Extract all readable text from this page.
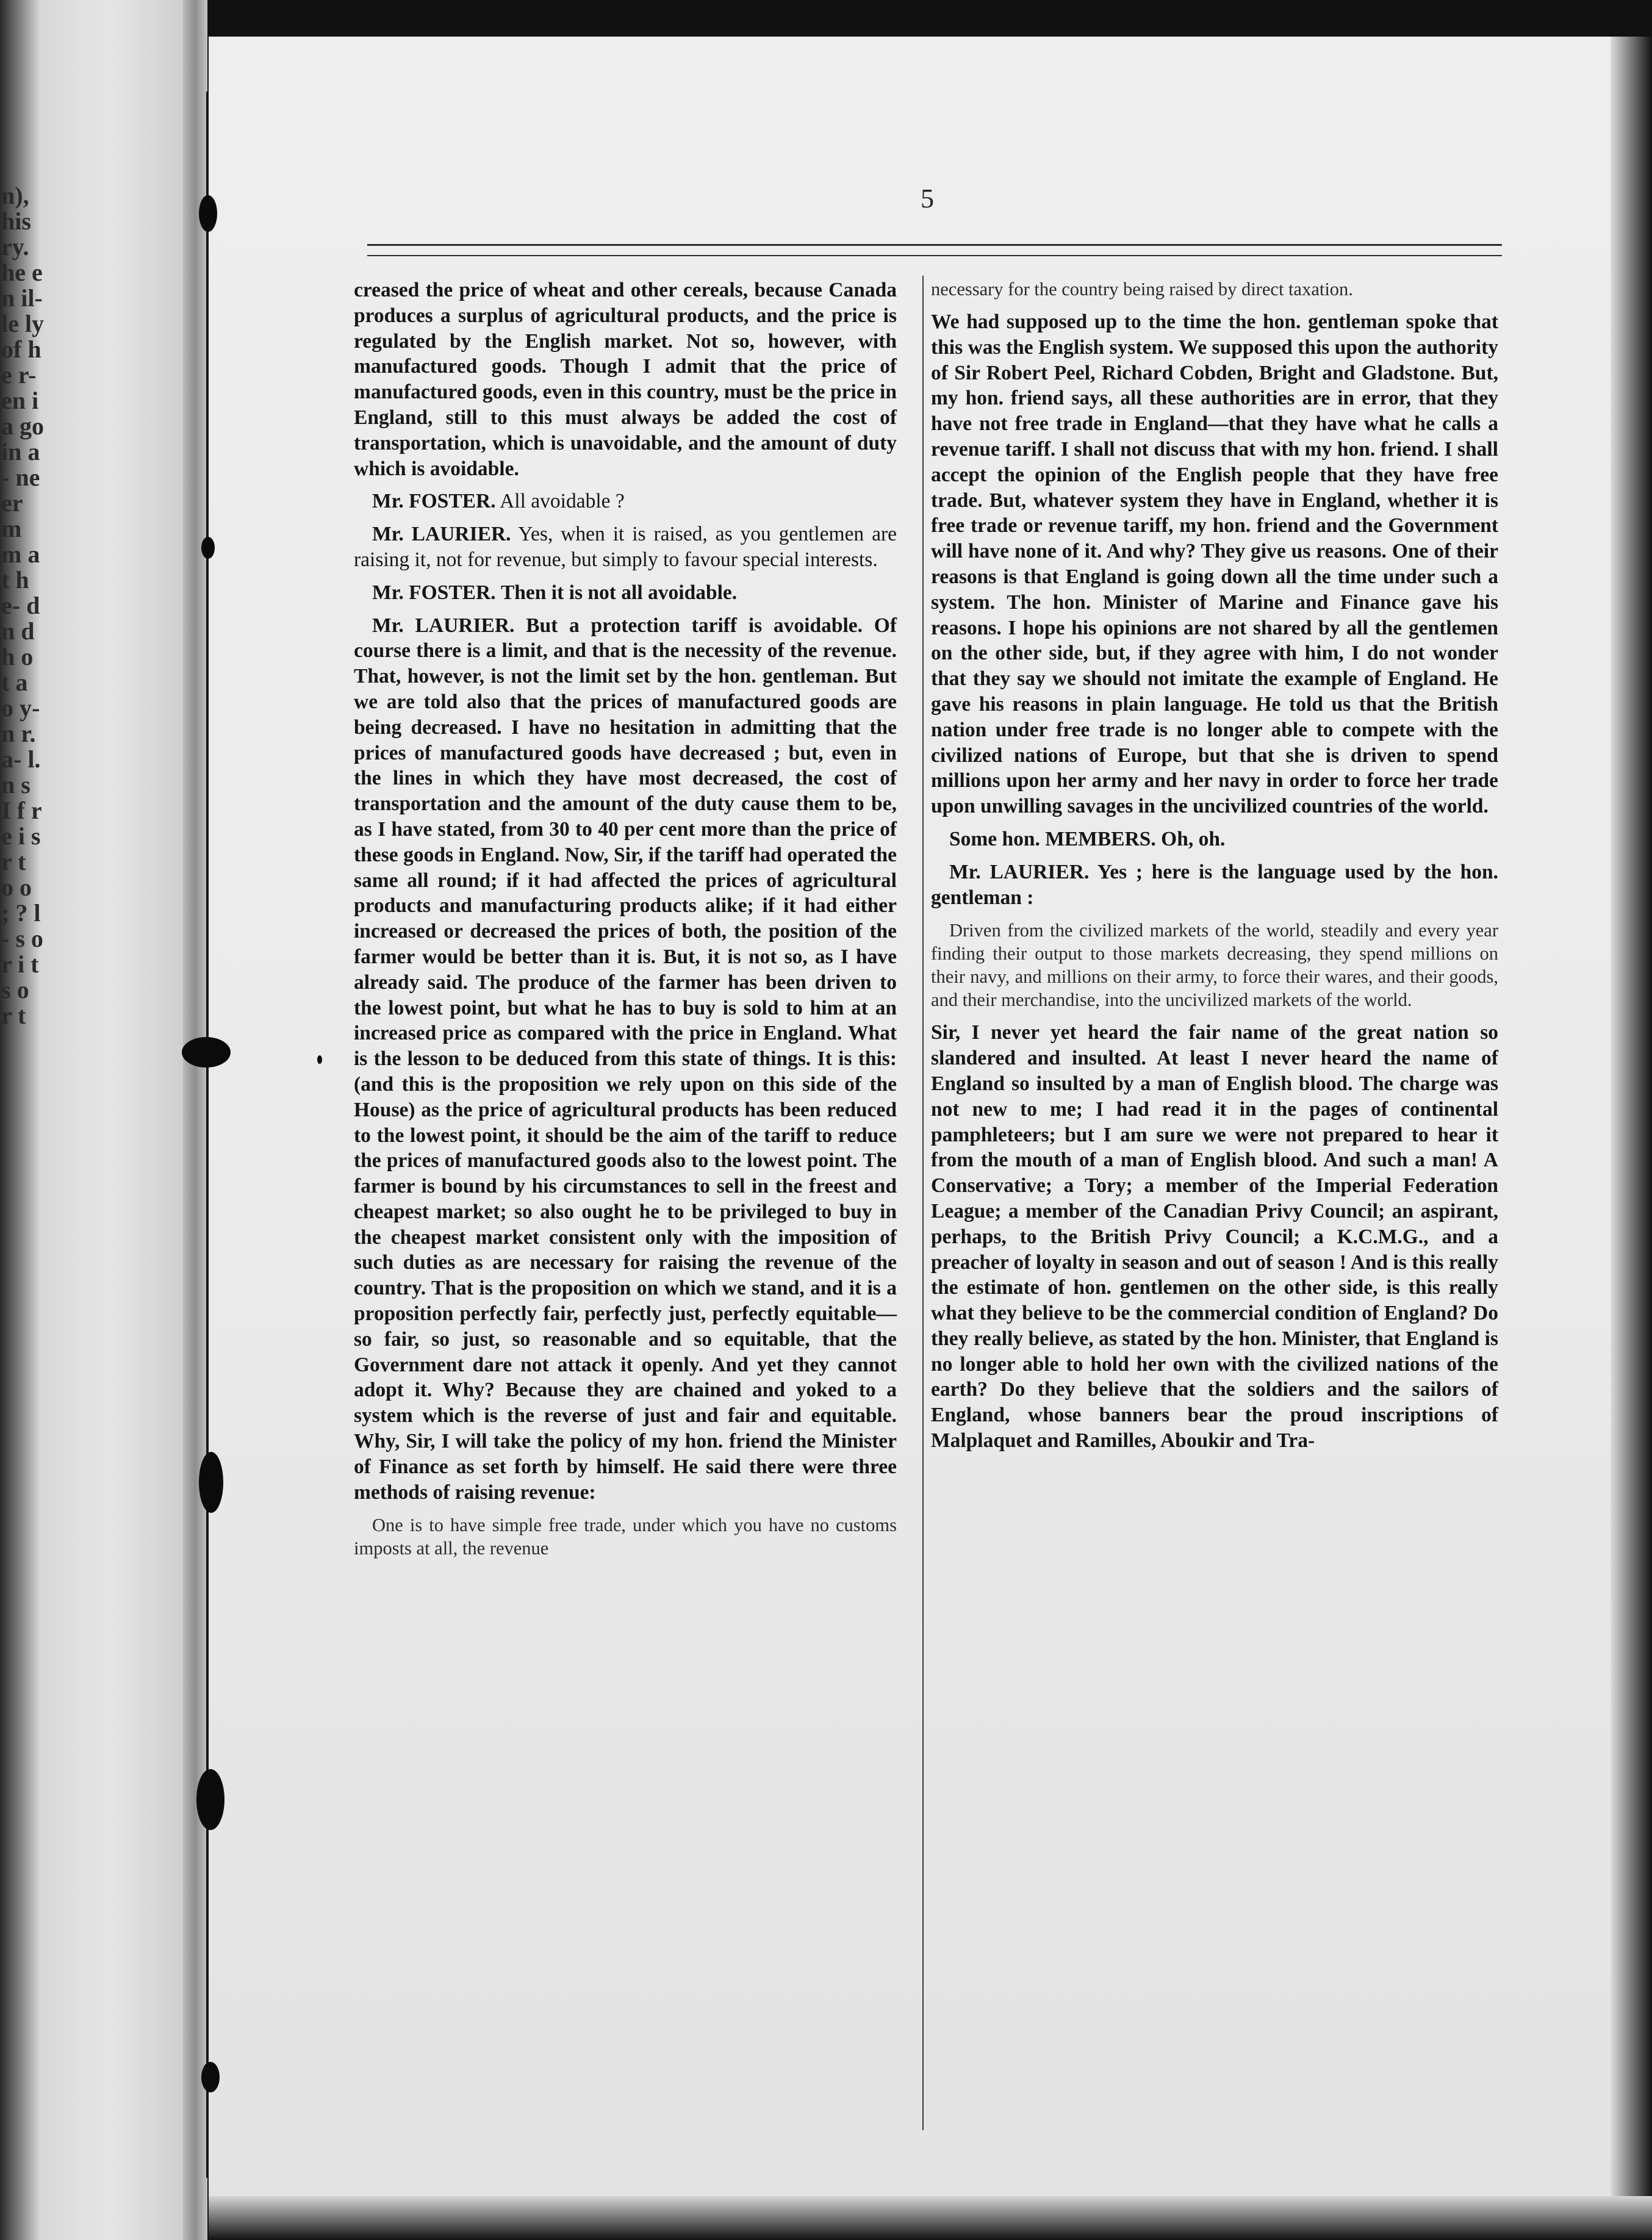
n), his ry. he en il- le ly of he r- en ia go in a- ne er m m at h e- d n d h o t a o y- n r. a- l. n s I f r e i s r t o o ; ? l - s o r i t s o r t
5

creased the price of wheat and other cereals, because Canada produces a surplus of agricultural products, and the price is regulated by the English market. Not so, however, with manufactured goods. Though I admit that the price of manufactured goods, even in this country, must be the price in England, still to this must always be added the cost of transportation, which is unavoidable, and the amount of duty which is avoidable.

Mr. FOSTER. All avoidable ?

Mr. LAURIER. Yes, when it is raised, as you gentlemen are raising it, not for revenue, but simply to favour special interests.

Mr. FOSTER. Then it is not all avoidable.

Mr. LAURIER. But a protection tariff is avoidable. Of course there is a limit, and that is the necessity of the revenue. That, however, is not the limit set by the hon. gentleman. But we are told also that the prices of manufactured goods are being decreased. I have no hesitation in admitting that the prices of manufactured goods have decreased ; but, even in the lines in which they have most decreased, the cost of transportation and the amount of the duty cause them to be, as I have stated, from 30 to 40 per cent more than the price of these goods in England. Now, Sir, if the tariff had operated the same all round; if it had affected the prices of agricultural products and manufacturing products alike; if it had either increased or decreased the prices of both, the position of the farmer would be better than it is. But, it is not so, as I have already said. The produce of the farmer has been driven to the lowest point, but what he has to buy is sold to him at an increased price as compared with the price in England. What is the lesson to be deduced from this state of things. It is this: (and this is the proposition we rely upon on this side of the House) as the price of agricultural products has been reduced to the lowest point, it should be the aim of the tariff to reduce the prices of manufactured goods also to the lowest point. The farmer is bound by his circumstances to sell in the freest and cheapest market; so also ought he to be privileged to buy in the cheapest market consistent only with the imposition of such duties as are necessary for raising the revenue of the country. That is the proposition on which we stand, and it is a proposition perfectly fair, perfectly just, perfectly equitable—so fair, so just, so reasonable and so equitable, that the Government dare not attack it openly. And yet they cannot adopt it. Why? Because they are chained and yoked to a system which is the reverse of just and fair and equitable. Why, Sir, I will take the policy of my hon. friend the Minister of Finance as set forth by himself. He said there were three methods of raising revenue:

One is to have simple free trade, under which you have no customs imposts at all, the revenue
necessary for the country being raised by direct taxation.

We had supposed up to the time the hon. gentleman spoke that this was the English system. We supposed this upon the authority of Sir Robert Peel, Richard Cobden, Bright and Gladstone. But, my hon. friend says, all these authorities are in error, that they have not free trade in England—that they have what he calls a revenue tariff. I shall not discuss that with my hon. friend. I shall accept the opinion of the English people that they have free trade. But, whatever system they have in England, whether it is free trade or revenue tariff, my hon. friend and the Government will have none of it. And why? They give us reasons. One of their reasons is that England is going down all the time under such a system. The hon. Minister of Marine and Finance gave his reasons. I hope his opinions are not shared by all the gentlemen on the other side, but, if they agree with him, I do not wonder that they say we should not imitate the example of England. He gave his reasons in plain language. He told us that the British nation under free trade is no longer able to compete with the civilized nations of Europe, but that she is driven to spend millions upon her army and her navy in order to force her trade upon unwilling savages in the uncivilized countries of the world.

Some hon. MEMBERS. Oh, oh.

Mr. LAURIER. Yes ; here is the language used by the hon. gentleman :

Driven from the civilized markets of the world, steadily and every year finding their output to those markets decreasing, they spend millions on their navy, and millions on their army, to force their wares, and their goods, and their merchandise, into the uncivilized markets of the world.

Sir, I never yet heard the fair name of the great nation so slandered and insulted. At least I never heard the name of England so insulted by a man of English blood. The charge was not new to me; I had read it in the pages of continental pamphleteers; but I am sure we were not prepared to hear it from the mouth of a man of English blood. And such a man! A Conservative; a Tory; a member of the Imperial Federation League; a member of the Canadian Privy Council; an aspirant, perhaps, to the British Privy Council; a K.C.M.G., and a preacher of loyalty in season and out of season ! And is this really the estimate of hon. gentlemen on the other side, is this really what they believe to be the commercial condition of England? Do they really believe, as stated by the hon. Minister, that England is no longer able to hold her own with the civilized nations of the earth? Do they believe that the soldiers and the sailors of England, whose banners bear the proud inscriptions of Malplaquet and Ramilles, Aboukir and Tra-
